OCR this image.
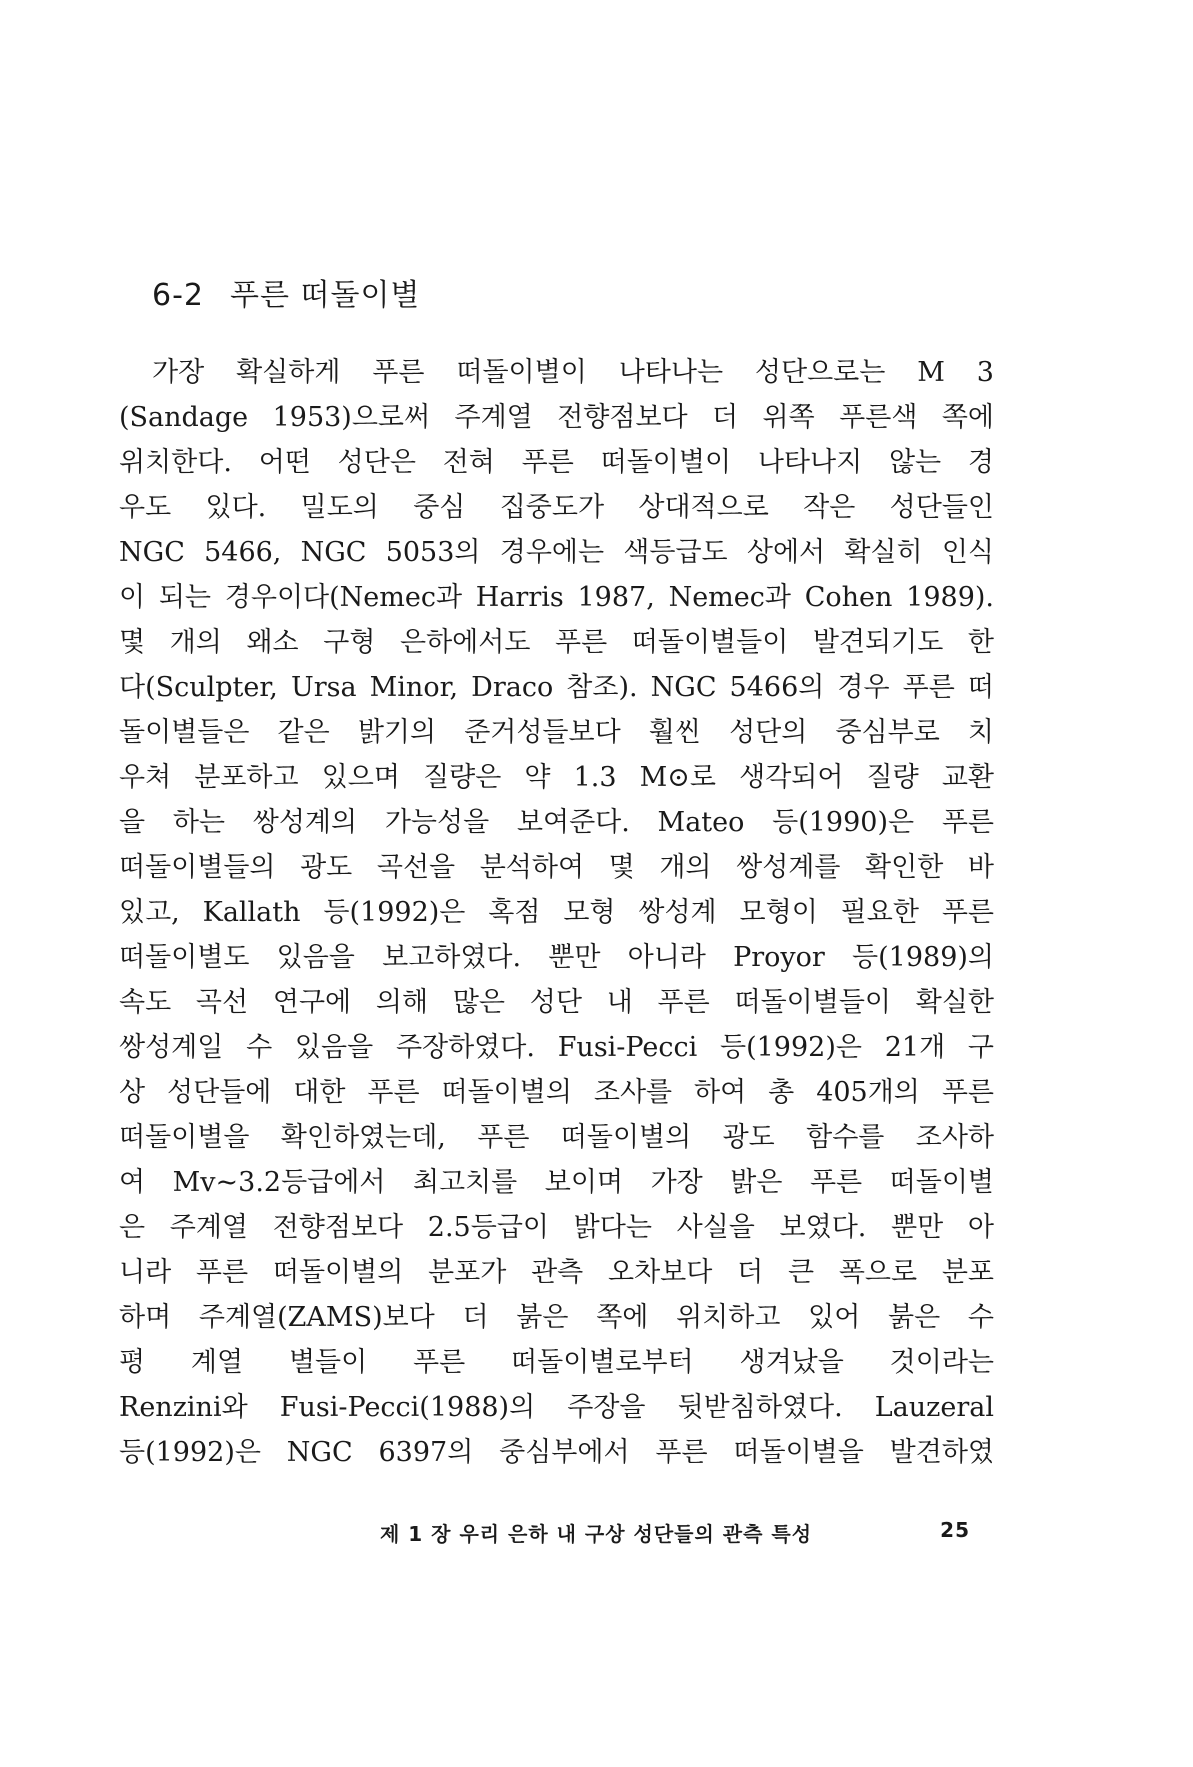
6-2 푸른 떠돌이별
가장 확실하게 푸른 떠돌이별이 나타나는 성단으로는 M 3
(Sandage 1953)으로써 주계열 전향점보다 더 위쪽 푸른색 쪽에
위치한다. 어떤 성단은 전혀 푸른 떠돌이별이 나타나지 않는 경
우도 있다. 밀도의 중심 집중도가 상대적으로 작은 성단들인
NGC 5466, NGC 5053의 경우에는 색등급도 상에서 확실히 인식
이 되는 경우이다(Nemec과 Harris 1987, Nemec과 Cohen 1989).
몇 개의 왜소 구형 은하에서도 푸른 떠돌이별들이 발견되기도 한
다(Sculpter, Ursa Minor, Draco 참조). NGC 5466의 경우 푸른 떠
돌이별들은 같은 밝기의 준거성들보다 훨씬 성단의 중심부로 치
우쳐 분포하고 있으며 질량은 약 1.3 M⊙로 생각되어 질량 교환
을 하는 쌍성계의 가능성을 보여준다. Mateo 등(1990)은 푸른
떠돌이별들의 광도 곡선을 분석하여 몇 개의 쌍성계를 확인한 바
있고, Kallath 등(1992)은 혹점 모형 쌍성계 모형이 필요한 푸른
떠돌이별도 있음을 보고하였다. 뿐만 아니라 Proyor 등(1989)의
속도 곡선 연구에 의해 많은 성단 내 푸른 떠돌이별들이 확실한
쌍성계일 수 있음을 주장하였다. Fusi-Pecci 등(1992)은 21개 구
상 성단들에 대한 푸른 떠돌이별의 조사를 하여 총 405개의 푸른
떠돌이별을 확인하였는데, 푸른 떠돌이별의 광도 함수를 조사하
여 Mv~3.2등급에서 최고치를 보이며 가장 밝은 푸른 떠돌이별
은 주계열 전향점보다 2.5등급이 밝다는 사실을 보였다. 뿐만 아
니라 푸른 떠돌이별의 분포가 관측 오차보다 더 큰 폭으로 분포
하며 주계열(ZAMS)보다 더 붉은 쪽에 위치하고 있어 붉은 수
평 계열 별들이 푸른 떠돌이별로부터 생겨났을 것이라는
Renzini와 Fusi-Pecci(1988)의 주장을 뒷받침하였다. Lauzeral
등(1992)은 NGC 6397의 중심부에서 푸른 떠돌이별을 발견하였
제 1 장 우리 은하 내 구상 성단들의 관측 특성	25
